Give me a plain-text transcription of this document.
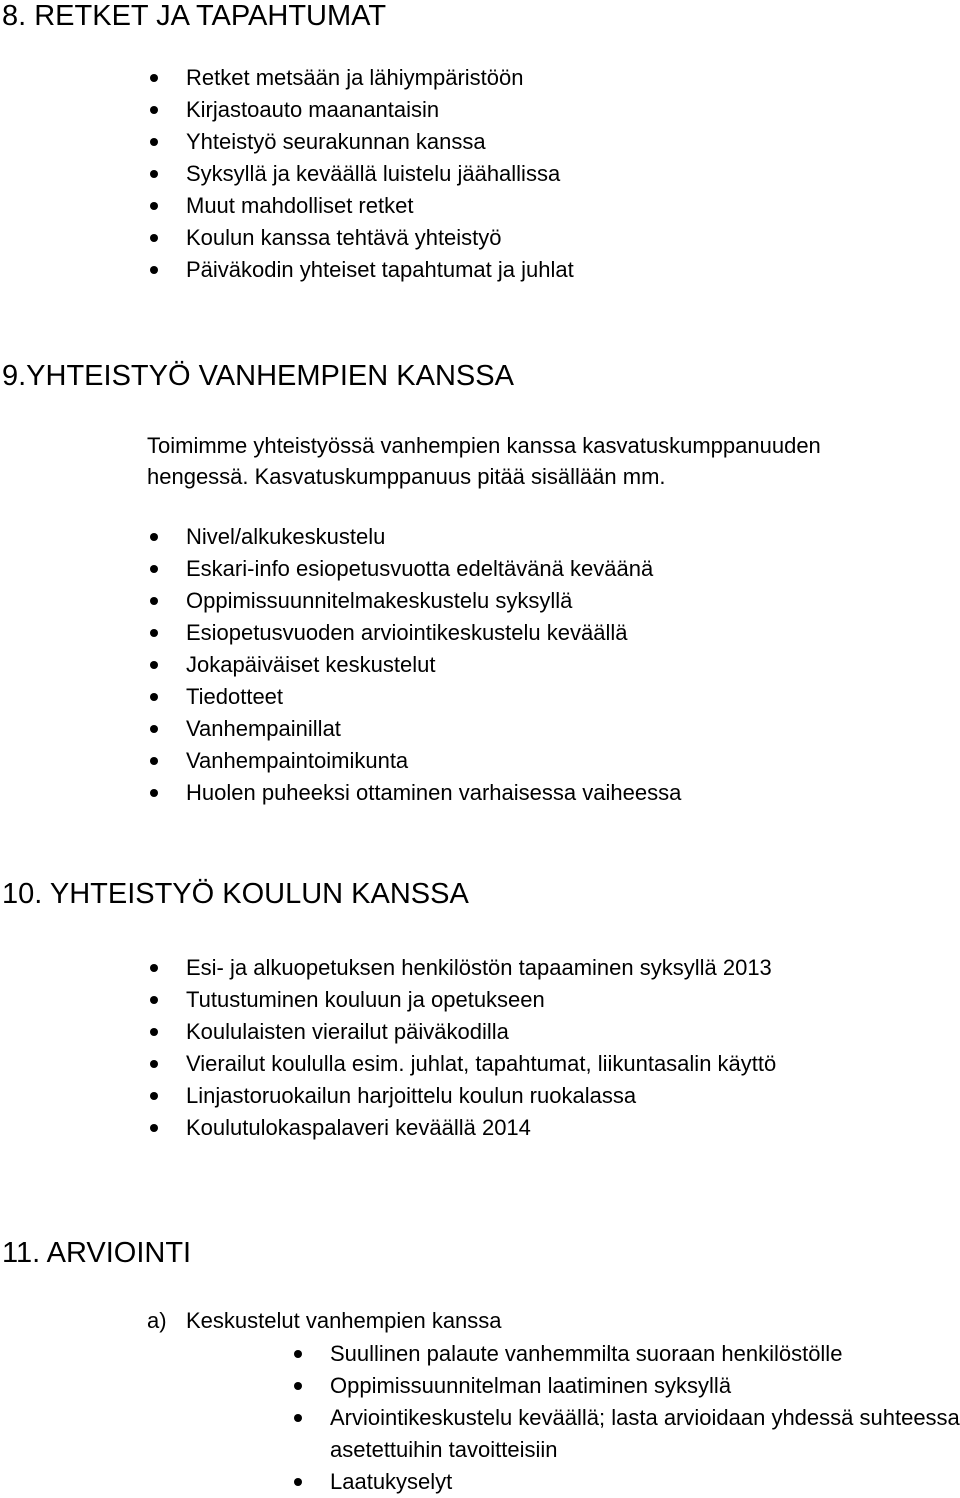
8. RETKET JA TAPAHTUMAT
Retket metsään ja lähiympäristöön
Kirjastoauto maanantaisin
Yhteistyö seurakunnan kanssa
Syksyllä ja keväällä luistelu jäähallissa
Muut mahdolliset retket
Koulun kanssa tehtävä yhteistyö
Päiväkodin yhteiset tapahtumat ja juhlat
9.YHTEISTYÖ VANHEMPIEN KANSSA

Toimimme yhteistyössä vanhempien kanssa kasvatuskumppanuuden

hengessä. Kasvatuskumppanuus pitää sisällään mm.

Nivel/alkukeskustelu
Eskari-info esiopetusvuotta edeltävänä keväänä
Oppimissuunnitelmakeskustelu syksyllä
Esiopetusvuoden arviointikeskustelu keväällä
Jokapäiväiset keskustelut
Tiedotteet
Vanhempainillat
Vanhempaintoimikunta
Huolen puheeksi ottaminen varhaisessa vaiheessa
10. YHTEISTYÖ KOULUN KANSSA
Esi- ja alkuopetuksen henkilöstön tapaaminen syksyllä 2013
Tutustuminen kouluun ja opetukseen
Koululaisten vierailut päiväkodilla
Vierailut koululla esim. juhlat, tapahtumat, liikuntasalin käyttö
Linjastoruokailun harjoittelu koulun ruokalassa
Koulutulokaspalaveri keväällä 2014
11. ARVIOINTI
a) Keskustelut vanhempien kanssa
Suullinen palaute vanhemmilta suoraan henkilöstölle
Oppimissuunnitelman laatiminen syksyllä
Arviointikeskustelu keväällä; lasta arvioidaan yhdessä suhteessa asetettuihin tavoitteisiin
Laatukyselyt
